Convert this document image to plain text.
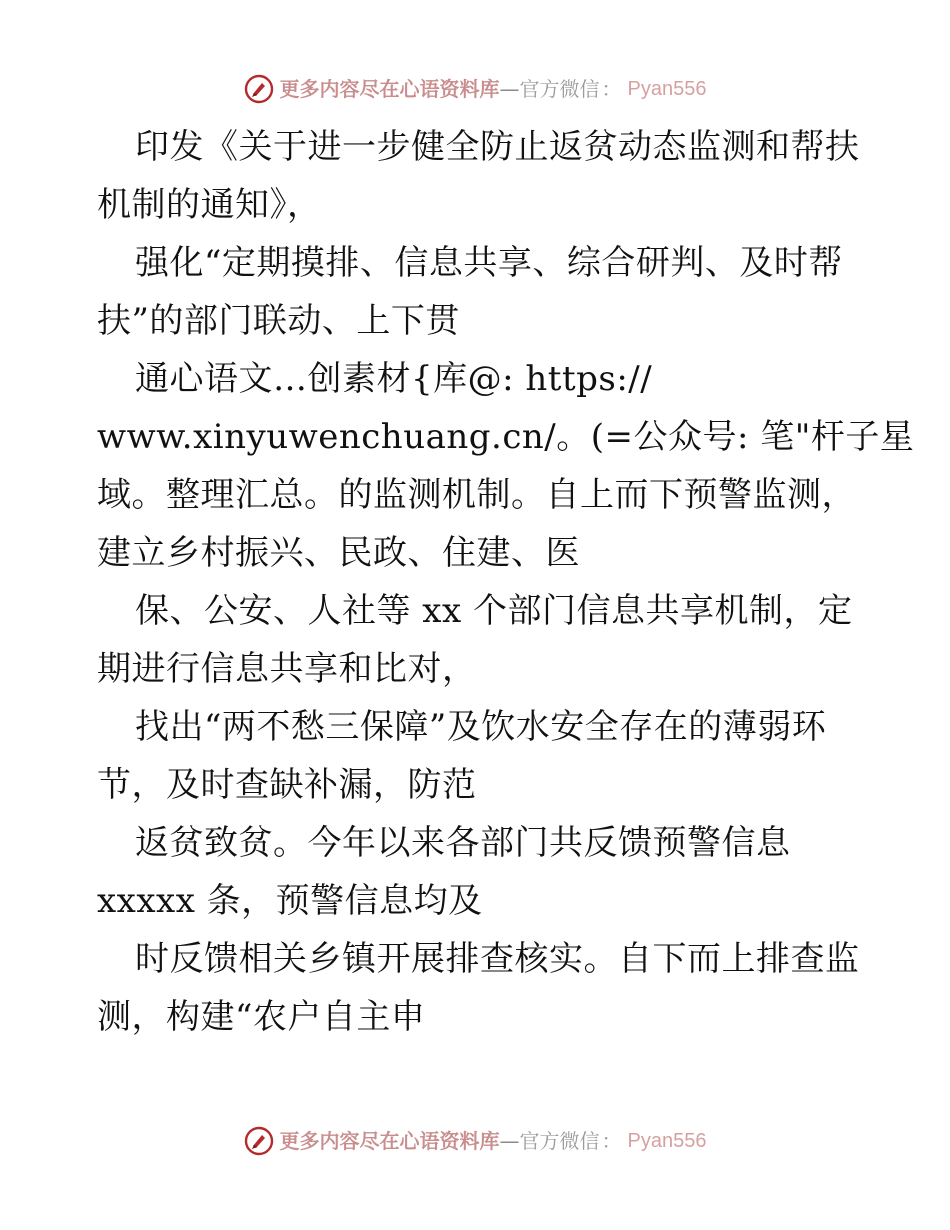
更多内容尽在心语资料库 — 官方 微信 ： Pyan556
印发《关于进一步健全防止返贫动态监测和帮扶
机制的通知》，
强化“定期摸排、信息共享、综合研判、及时帮
扶”的部门联动、上下贯
通心语文…创素材{库@: https://
www.xinyuwenchuang.cn/。(=公众号: 笔"杆子星
域。整理汇总。的监测机制。自上而下预警监测，
建立乡村振兴、民政、住建、医
保、公安、人社等 xx 个部门信息共享机制，定
期进行信息共享和比对，
找出“两不愁三保障”及饮水安全存在的薄弱环
节，及时查缺补漏，防范
返贫致贫。今年以来各部门共反馈预警信息
xxxxx 条，预警信息均及
时反馈相关乡镇开展排查核实。自下而上排查监
测，构建“农户自主申
更多内容尽在心语资料库 — 官方 微信 ： Pyan556
